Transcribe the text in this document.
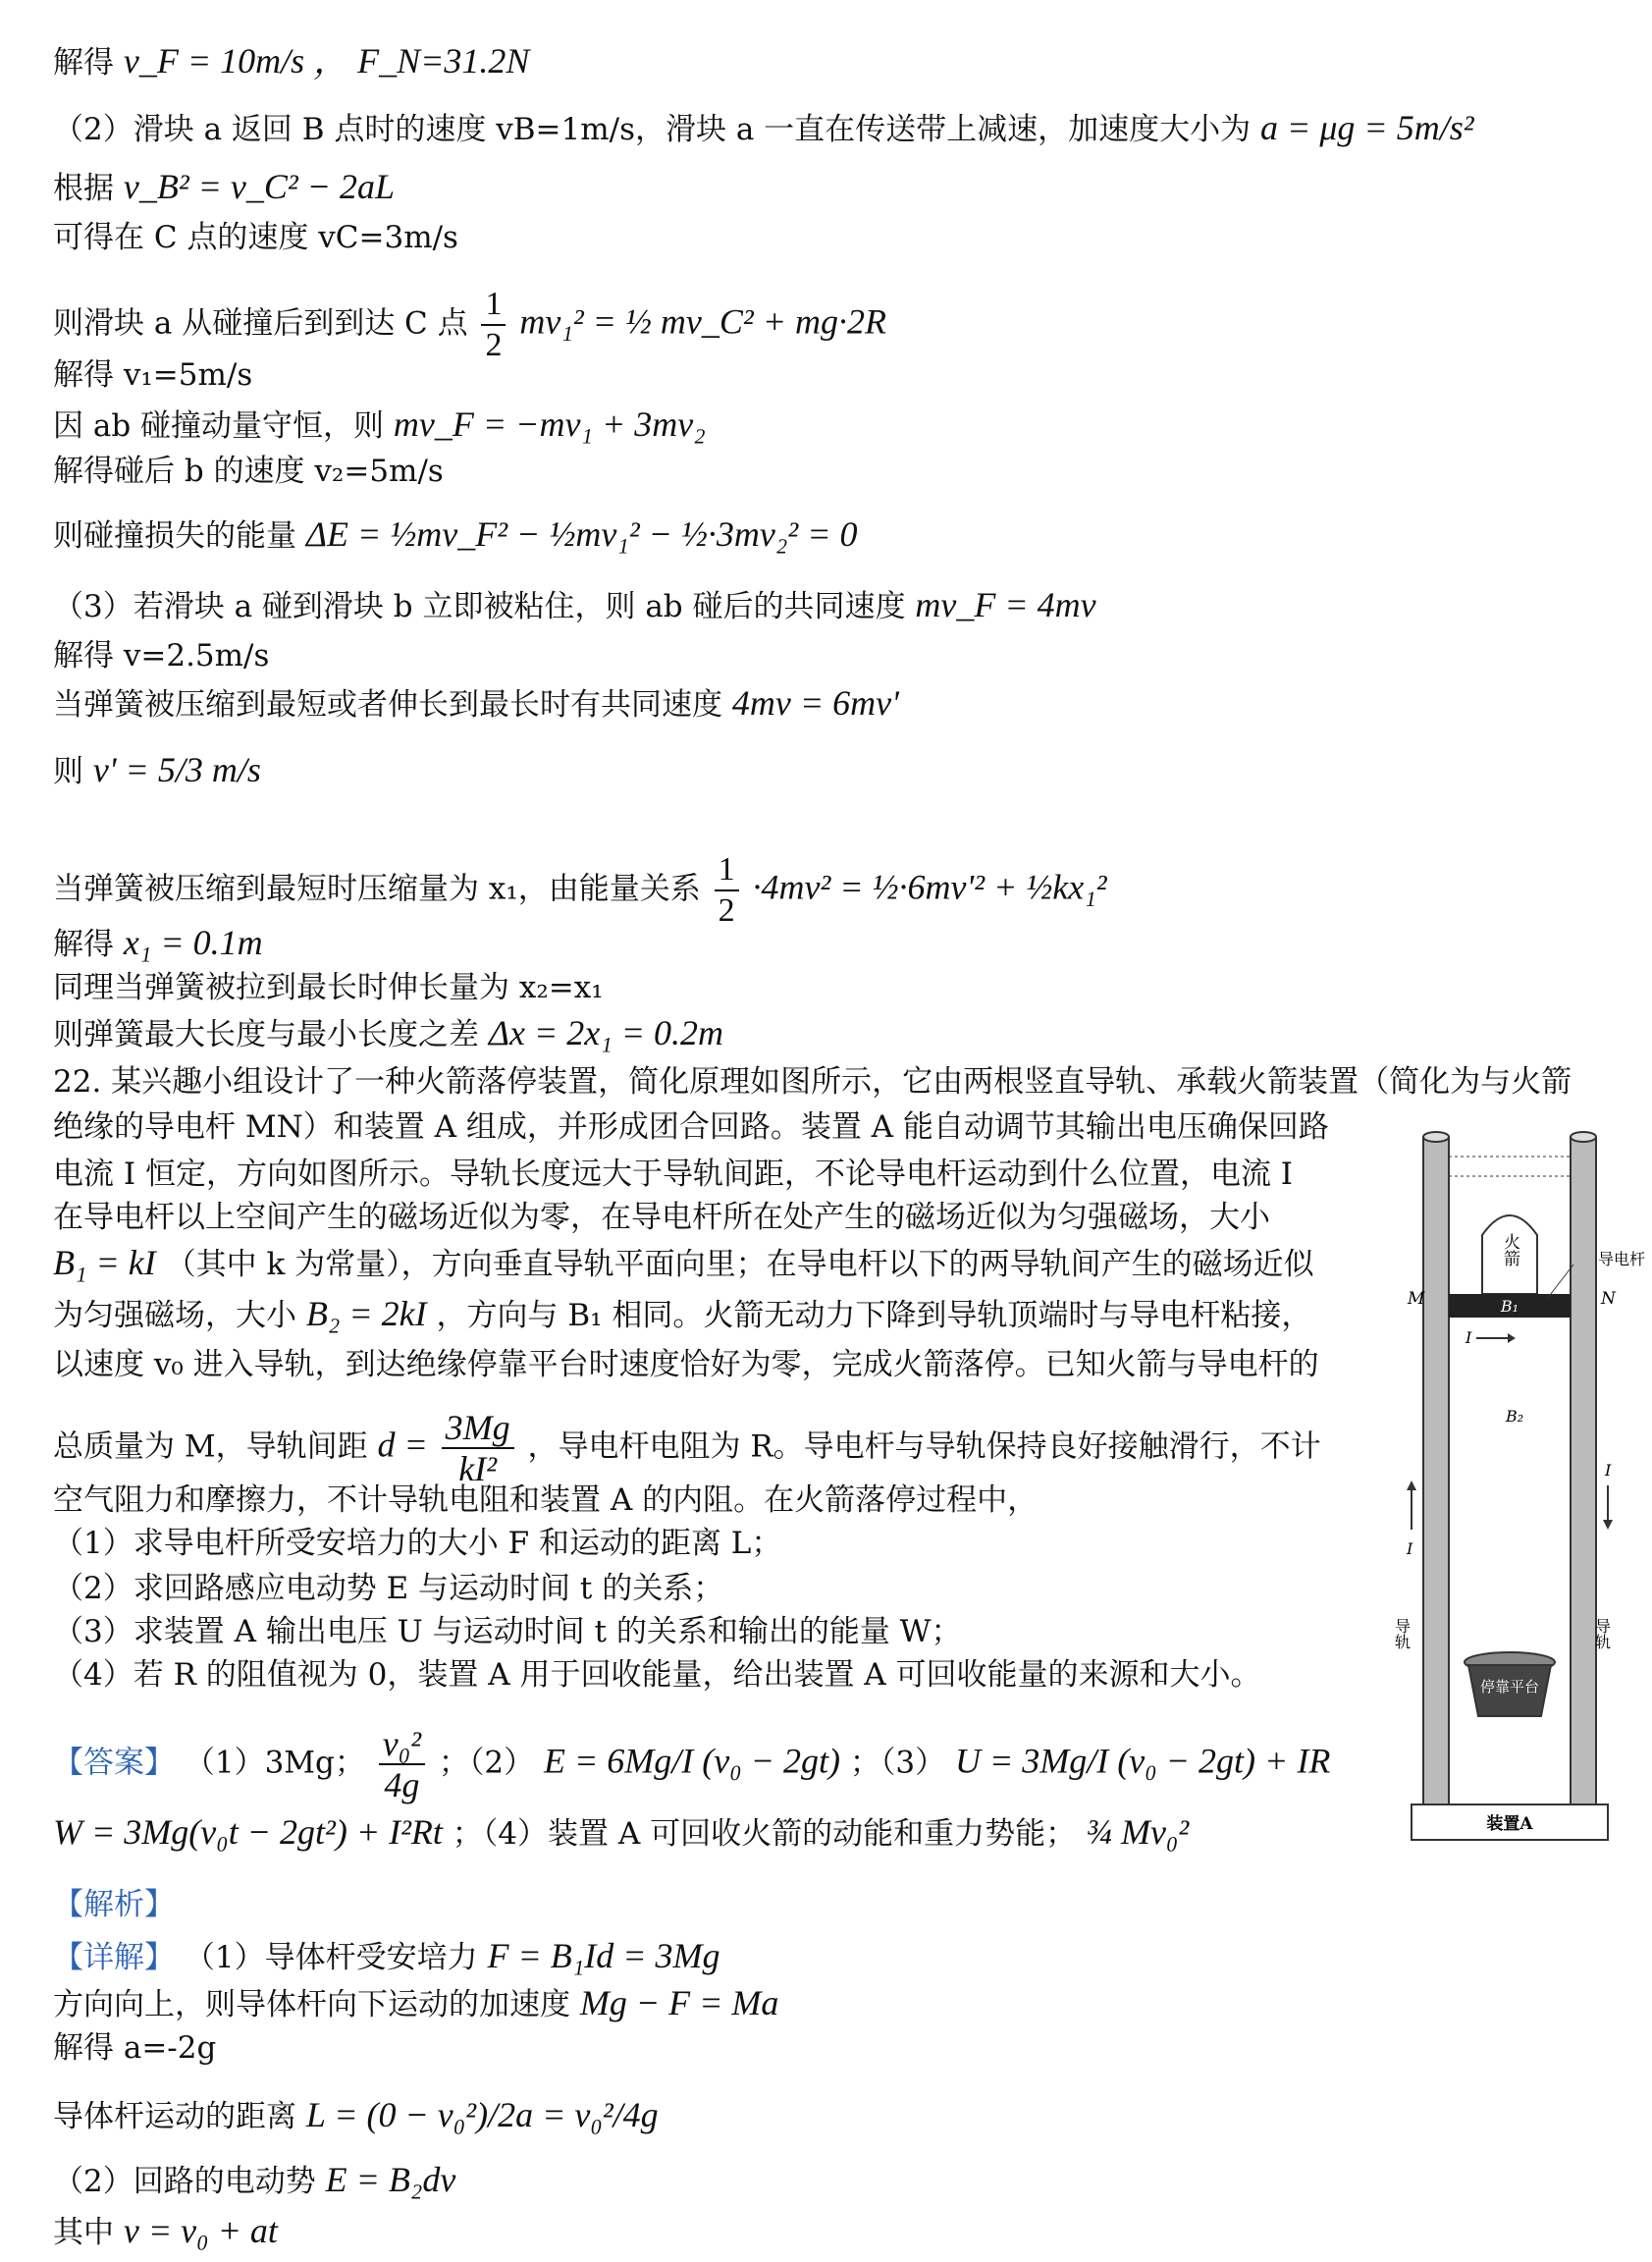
解得 v_F = 10m/s ， F_N=31.2N
（2）滑块 a 返回 B 点时的速度 vB=1m/s，滑块 a 一直在传送带上减速，加速度大小为 a = μg = 5m/s²
根据 v_B² = v_C² − 2aL
可得在 C 点的速度 vC=3m/s
则滑块 a 从碰撞后到到达 C 点 $\frac{1}{2} mv_1^2$ = ½ mv_C² + mg·2R
解得 v₁=5m/s
因 ab 碰撞动量守恒，则 mv_F = −mv₁ + 3mv₂
解得碰后 b 的速度 v₂=5m/s
则碰撞损失的能量 ΔE = ½mv_F² − ½mv₁² − ½·3mv₂² = 0
（3）若滑块 a 碰到滑块 b 立即被粘住，则 ab 碰后的共同速度 mv_F = 4mv
解得 v=2.5m/s
当弹簧被压缩到最短或者伸长到最长时有共同速度 4mv = 6mv'
则 v' = 5/3 m/s
当弹簧被压缩到最短时压缩量为 x₁，由能量关系 $\frac{1}{2} \cdot 4mv^2$ = ½·6mv'² + ½kx₁²
解得 x₁ = 0.1m
同理当弹簧被拉到最长时伸长量为 x₂=x₁
则弹簧最大长度与最小长度之差 Δx = 2x₁ = 0.2m
22. 某兴趣小组设计了一种火箭落停装置，简化原理如图所示，它由两根竖直导轨、承载火箭装置（简化为与火箭
绝缘的导电杆 MN）和装置 A 组成，并形成团合回路。装置 A 能自动调节其输出电压确保回路
电流 I 恒定，方向如图所示。导轨长度远大于导轨间距，不论导电杆运动到什么位置，电流 I
在导电杆以上空间产生的磁场近似为零，在导电杆所在处产生的磁场近似为匀强磁场，大小
B₁ = kI （其中 k 为常量），方向垂直导轨平面向里；在导电杆以下的两导轨间产生的磁场近似
为匀强磁场，大小 B₂ = 2kI ，方向与 B₁ 相同。火箭无动力下降到导轨顶端时与导电杆粘接，
以速度 v₀ 进入导轨，到达绝缘停靠平台时速度恰好为零，完成火箭落停。已知火箭与导电杆的
总质量为 M，导轨间距 $d = \frac{3Mg}{\text{kI²}}$ ，导电杆电阻为 R。导电杆与导轨保持良好接触滑行，不计
空气阻力和摩擦力，不计导轨电阻和装置 A 的内阻。在火箭落停过程中，
（1）求导电杆所受安培力的大小 F 和运动的距离 L；
（2）求回路感应电动势 E 与运动时间 t 的关系；
（3）求装置 A 输出电压 U 与运动时间 t 的关系和输出的能量 W；
（4）若 R 的阻值视为 0，装置 A 用于回收能量，给出装置 A 可回收能量的来源和大小。
【答案】 （1）3Mg； $\frac{\text{v₀²}}{4g}$ ；（2） E = 6Mg/I (v₀ − 2gt) ；（3） U = 3Mg/I (v₀ − 2gt) + IR
W = 3Mg(v₀t − 2gt²) + I²Rt ；（4）装置 A 可回收火箭的动能和重力势能； ¾ Mv₀²
【解析】
【详解】 （1）导体杆受安培力 F = B₁Id = 3Mg
方向向上，则导体杆向下运动的加速度 Mg − F = Ma
解得 a=-2g
导体杆运动的距离 L = (0 − v₀²)/2a = v₀²/4g
（2）回路的电动势 E = B₂dv
其中 v = v₀ + at
火箭
B₁
M	N
导电杆
I
B₂
I
I
导轨	导轨
停靠平台
装置A
